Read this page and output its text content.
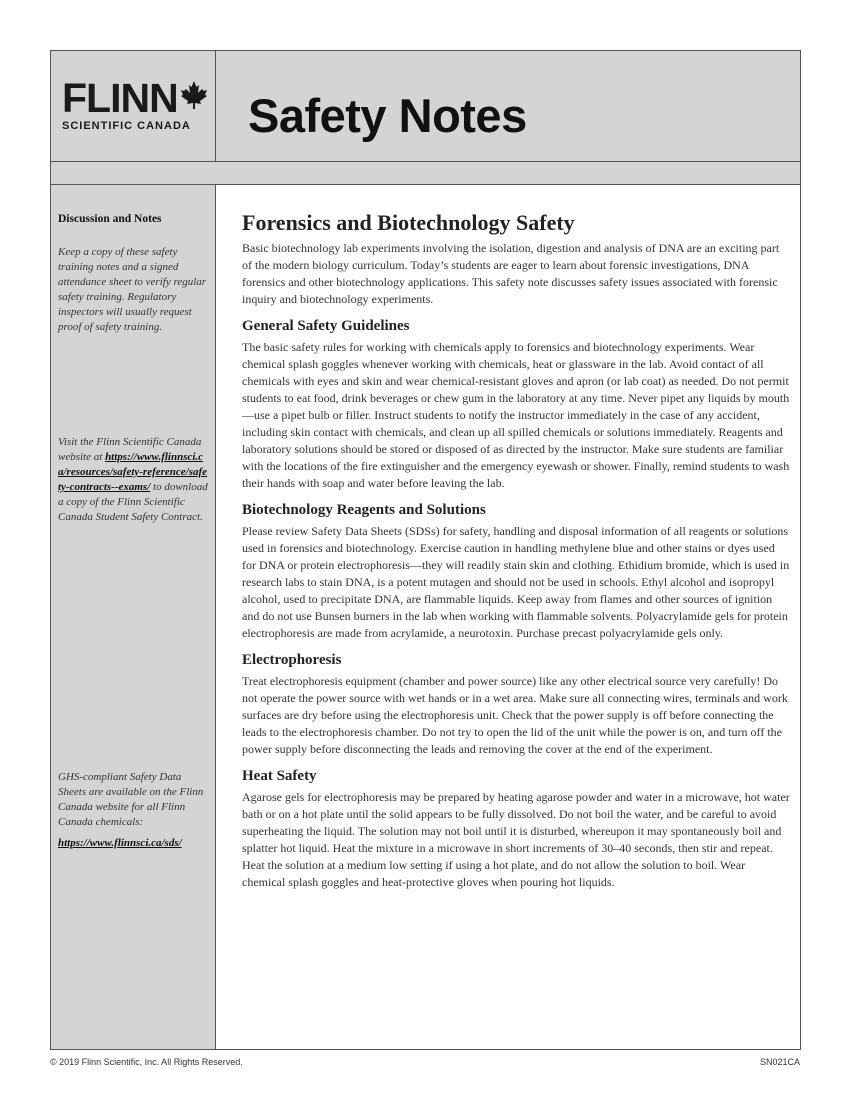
FLINN
SCIENTIFIC CANADA	Safety Notes
Discussion and Notes
Keep a copy of these safety training notes and a signed attendance sheet to verify regular safety training. Regulatory inspectors will usually request proof of safety training.
Visit the Flinn Scientific Canada website at https://www.flinnsci.ca/resources/safety-reference/safety-contracts--exams/ to download a copy of the Flinn Scientific Canada Student Safety Contract.
GHS-compliant Safety Data Sheets are available on the Flinn Canada website for all Flinn Canada chemicals:
https://www.flinnsci.ca/sds/
Forensics and Biotechnology Safety

Basic biotechnology lab experiments involving the isolation, digestion and analysis of DNA are an exciting part of the modern biology curriculum. Today’s students are eager to learn about forensic investigations, DNA forensics and other biotechnology applications. This safety note discusses safety issues associated with forensic inquiry and biotechnology experiments.

General Safety Guidelines

The basic safety rules for working with chemicals apply to forensics and biotechnology experiments. Wear chemical splash goggles whenever working with chemicals, heat or glassware in the lab. Avoid contact of all chemicals with eyes and skin and wear chemical-resistant gloves and apron (or lab coat) as needed. Do not permit students to eat food, drink beverages or chew gum in the laboratory at any time. Never pipet any liquids by mouth—use a pipet bulb or filler. Instruct students to notify the instructor immediately in the case of any accident, including skin contact with chemicals, and clean up all spilled chemicals or solutions immediately. Reagents and laboratory solutions should be stored or disposed of as directed by the instructor. Make sure students are familiar with the locations of the fire extinguisher and the emergency eyewash or shower. Finally, remind students to wash their hands with soap and water before leaving the lab.

Biotechnology Reagents and Solutions

Please review Safety Data Sheets (SDSs) for safety, handling and disposal information of all reagents or solutions used in forensics and biotechnology. Exercise caution in handling methylene blue and other stains or dyes used for DNA or protein electrophoresis—they will readily stain skin and clothing. Ethidium bromide, which is used in research labs to stain DNA, is a potent mutagen and should not be used in schools. Ethyl alcohol and isopropyl alcohol, used to precipitate DNA, are flammable liquids. Keep away from flames and other sources of ignition and do not use Bunsen burners in the lab when working with flammable solvents. Polyacrylamide gels for protein electrophoresis are made from acrylamide, a neurotoxin. Purchase precast polyacrylamide gels only.

Electrophoresis

Treat electrophoresis equipment (chamber and power source) like any other electrical source very carefully! Do not operate the power source with wet hands or in a wet area. Make sure all connecting wires, terminals and work surfaces are dry before using the electrophoresis unit. Check that the power supply is off before connecting the leads to the electrophoresis chamber. Do not try to open the lid of the unit while the power is on, and turn off the power supply before disconnecting the leads and removing the cover at the end of the experiment.

Heat Safety

Agarose gels for electrophoresis may be prepared by heating agarose powder and water in a microwave, hot water bath or on a hot plate until the solid appears to be fully dissolved. Do not boil the water, and be careful to avoid superheating the liquid. The solution may not boil until it is disturbed, whereupon it may spontaneously boil and splatter hot liquid. Heat the mixture in a microwave in short increments of 30–40 seconds, then stir and repeat. Heat the solution at a medium low setting if using a hot plate, and do not allow the solution to boil. Wear chemical splash goggles and heat-protective gloves when pouring hot liquids.

© 2019 Flinn Scientific, Inc. All Rights Reserved.	SN021CA
